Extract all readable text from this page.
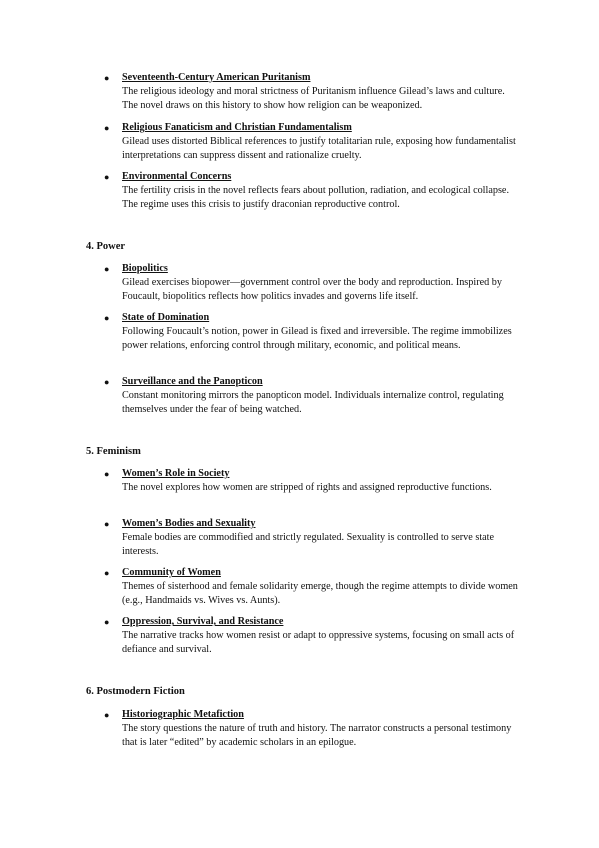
●	Seventeenth-Century American Puritanism
The religious ideology and moral strictness of Puritanism influence Gilead’s laws and culture. The novel draws on this history to show how religion can be weaponized.
●	Religious Fanaticism and Christian Fundamentalism
Gilead uses distorted Biblical references to justify totalitarian rule, exposing how fundamentalist interpretations can suppress dissent and rationalize cruelty.
●	Environmental Concerns
The fertility crisis in the novel reflects fears about pollution, radiation, and ecological collapse. The regime uses this crisis to justify draconian reproductive control.
4. Power
●	Biopolitics
Gilead exercises biopower—government control over the body and reproduction. Inspired by Foucault, biopolitics reflects how politics invades and governs life itself.
●	State of Domination
Following Foucault’s notion, power in Gilead is fixed and irreversible. The regime immobilizes power relations, enforcing control through military, economic, and political means.
●	Surveillance and the Panopticon
Constant monitoring mirrors the panopticon model. Individuals internalize control, regulating themselves under the fear of being watched.
5. Feminism
●	Women’s Role in Society
The novel explores how women are stripped of rights and assigned reproductive functions.
●	Women’s Bodies and Sexuality
Female bodies are commodified and strictly regulated. Sexuality is controlled to serve state interests.
●	Community of Women
Themes of sisterhood and female solidarity emerge, though the regime attempts to divide women (e.g., Handmaids vs. Wives vs. Aunts).
●	Oppression, Survival, and Resistance
The narrative tracks how women resist or adapt to oppressive systems, focusing on small acts of defiance and survival.
6. Postmodern Fiction
●	Historiographic Metafiction
The story questions the nature of truth and history. The narrator constructs a personal testimony that is later “edited” by academic scholars in an epilogue.
